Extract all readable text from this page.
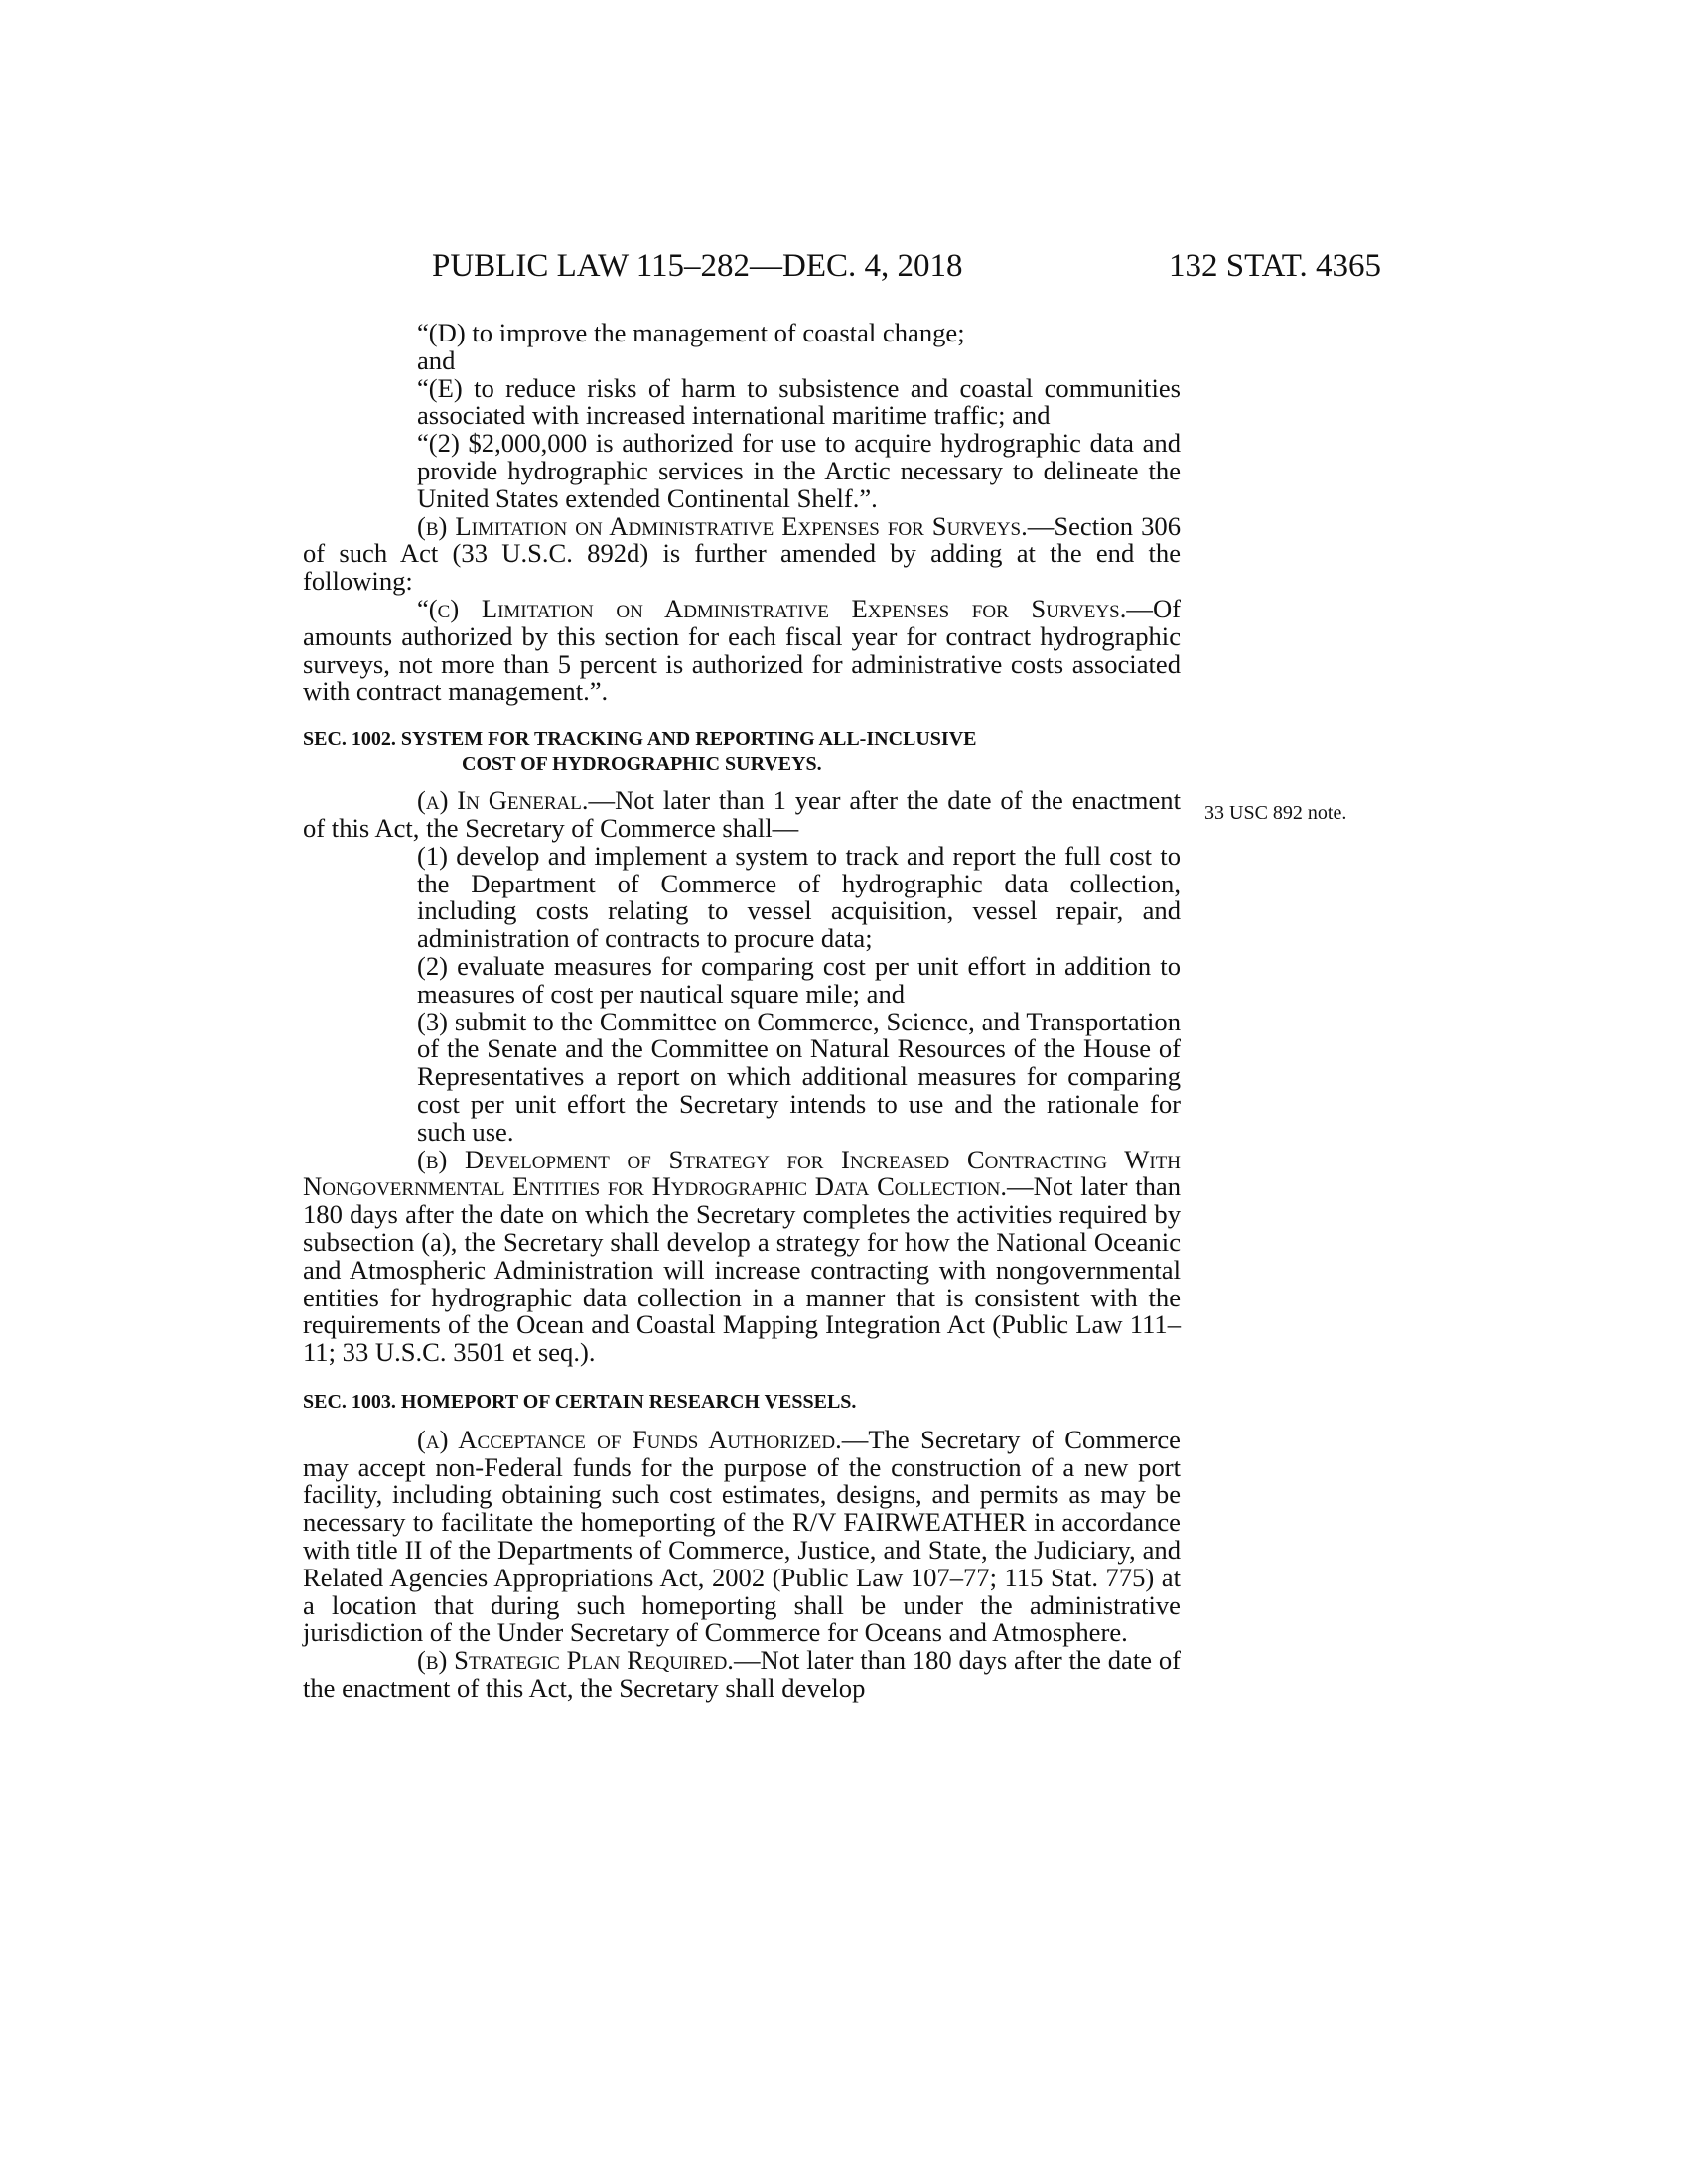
PUBLIC LAW 115–282—DEC. 4, 2018	132 STAT. 4365
33 USC 892 note.

“(D) to improve the management of coastal change;

and

“(E) to reduce risks of harm to subsistence and coastal communities associated with increased international maritime traffic; and

“(2) $2,000,000 is authorized for use to acquire hydrographic data and provide hydrographic services in the Arctic necessary to delineate the United States extended Continental Shelf.”.

(b) Limitation on Administrative Expenses for Surveys.—Section 306 of such Act (33 U.S.C. 892d) is further amended by adding at the end the following:

“(c) Limitation on Administrative Expenses for Surveys.—Of amounts authorized by this section for each fiscal year for contract hydrographic surveys, not more than 5 percent is authorized for administrative costs associated with contract management.”.

SEC. 1002. SYSTEM FOR TRACKING AND REPORTING ALL-INCLUSIVE
COST OF HYDROGRAPHIC SURVEYS.

(a) In General.—Not later than 1 year after the date of the enactment of this Act, the Secretary of Commerce shall—

(1) develop and implement a system to track and report the full cost to the Department of Commerce of hydrographic data collection, including costs relating to vessel acquisition, vessel repair, and administration of contracts to procure data;

(2) evaluate measures for comparing cost per unit effort in addition to measures of cost per nautical square mile; and

(3) submit to the Committee on Commerce, Science, and Transportation of the Senate and the Committee on Natural Resources of the House of Representatives a report on which additional measures for comparing cost per unit effort the Secretary intends to use and the rationale for such use.

(b) Development of Strategy for Increased Contracting With Nongovernmental Entities for Hydrographic Data Collection.—Not later than 180 days after the date on which the Secretary completes the activities required by subsection (a), the Secretary shall develop a strategy for how the National Oceanic and Atmospheric Administration will increase contracting with nongovernmental entities for hydrographic data collection in a manner that is consistent with the requirements of the Ocean and Coastal Mapping Integration Act (Public Law 111–11; 33 U.S.C. 3501 et seq.).

SEC. 1003. HOMEPORT OF CERTAIN RESEARCH VESSELS.

(a) Acceptance of Funds Authorized.—The Secretary of Commerce may accept non-Federal funds for the purpose of the construction of a new port facility, including obtaining such cost estimates, designs, and permits as may be necessary to facilitate the homeporting of the R/V FAIRWEATHER in accordance with title II of the Departments of Commerce, Justice, and State, the Judiciary, and Related Agencies Appropriations Act, 2002 (Public Law 107–77; 115 Stat. 775) at a location that during such homeporting shall be under the administrative jurisdiction of the Under Secretary of Commerce for Oceans and Atmosphere.

(b) Strategic Plan Required.—Not later than 180 days after the date of the enactment of this Act, the Secretary shall develop
